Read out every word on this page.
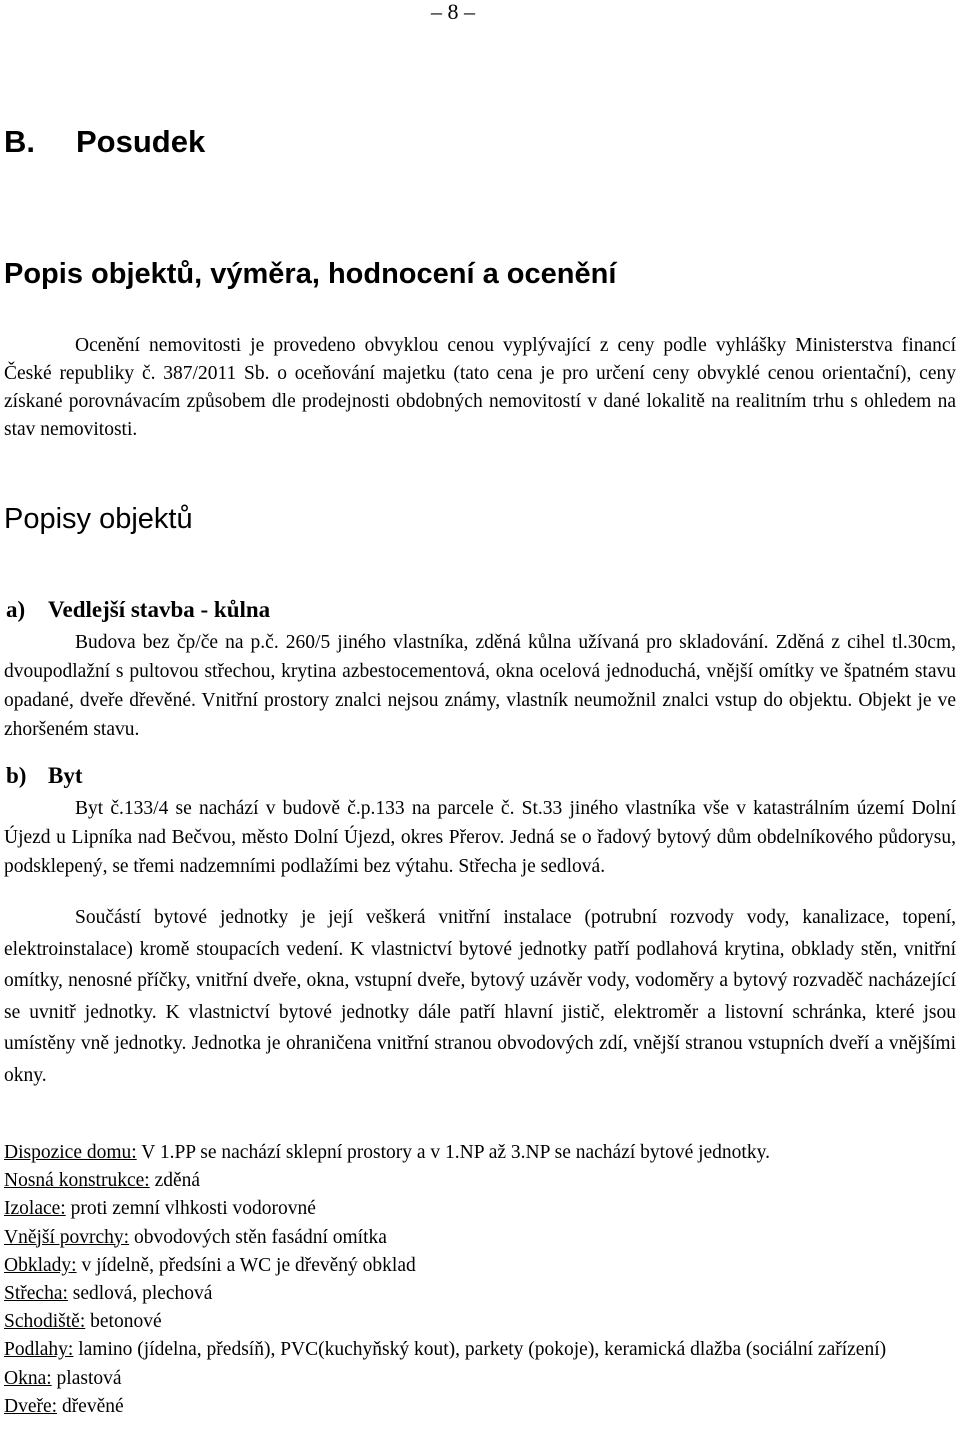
– 8 –
B. Posudek
Popis objektů, výměra, hodnocení a ocenění
Ocenění nemovitosti je provedeno obvyklou cenou vyplývající z ceny podle vyhlášky Ministerstva financí České republiky č. 387/2011 Sb. o oceňování majetku (tato cena je pro určení ceny obvyklé cenou orientační), ceny získané porovnávacím způsobem dle prodejnosti obdobných nemovitostí v dané lokalitě na realitním trhu s ohledem na stav nemovitosti.
Popisy objektů
a) Vedlejší stavba - kůlna
Budova bez čp/če na p.č. 260/5 jiného vlastníka, zděná kůlna užívaná pro skladování. Zděná z cihel tl.30cm, dvoupodlažní s pultovou střechou, krytina azbestocementová, okna ocelová jednoduchá, vnější omítky ve špatném stavu opadané, dveře dřevěné. Vnitřní prostory znalci nejsou známy, vlastník neumožnil znalci vstup do objektu. Objekt je ve zhoršeném stavu.
b) Byt
Byt č.133/4 se nachází v budově č.p.133 na parcele č. St.33 jiného vlastníka vše v katastrálním území Dolní Újezd u Lipníka nad Bečvou, město Dolní Újezd, okres Přerov. Jedná se o řadový bytový dům obdelníkového půdorysu, podsklepený, se třemi nadzemními podlažími bez výtahu. Střecha je sedlová.
Součástí bytové jednotky je její veškerá vnitřní instalace (potrubní rozvody vody, kanalizace, topení, elektroinstalace) kromě stoupacích vedení. K vlastnictví bytové jednotky patří podlahová krytina, obklady stěn, vnitřní omítky, nenosné příčky, vnitřní dveře, okna, vstupní dveře, bytový uzávěr vody, vodoměry a bytový rozvaděč nacházející se uvnitř jednotky. K vlastnictví bytové jednotky dále patří hlavní jistič, elektroměr a listovní schránka, které jsou umístěny vně jednotky. Jednotka je ohraničena vnitřní stranou obvodových zdí, vnější stranou vstupních dveří a vnějšími okny.
Dispozice domu: V 1.PP se nachází sklepní prostory a v 1.NP až 3.NP se nachází bytové jednotky.
Nosná konstrukce: zděná
Izolace: proti zemní vlhkosti vodorovné
Vnější povrchy: obvodových stěn fasádní omítka
Obklady: v jídelně, předsíni a WC je dřevěný obklad
Střecha: sedlová, plechová
Schodiště: betonové
Podlahy: lamino (jídelna, předsíň), PVC(kuchyňský kout), parkety (pokoje), keramická dlažba (sociální zařízení)
Okna: plastová
Dveře: dřevěné
